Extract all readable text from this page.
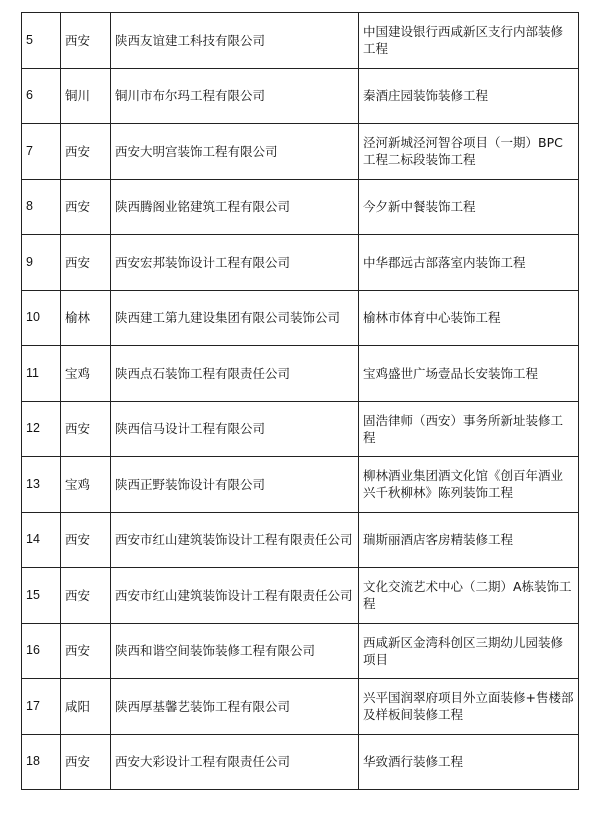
5	西安	陕西友谊建工科技有限公司	中国建设银行西咸新区支行内部装修工程
6	铜川	铜川市布尔玛工程有限公司	秦酒庄园装饰装修工程
7	西安	西安大明宫装饰工程有限公司	泾河新城泾河智谷项目（一期）BPC工程二标段装饰工程
8	西安	陕西腾阁业铭建筑工程有限公司	今夕新中餐装饰工程
9	西安	西安宏邦装饰设计工程有限公司	中华郡远古部落室内装饰工程
10	榆林	陕西建工第九建设集团有限公司装饰公司	榆林市体育中心装饰工程
11	宝鸡	陕西点石装饰工程有限责任公司	宝鸡盛世广场壹品长安装饰工程
12	西安	陕西信马设计工程有限公司	固浩律师（西安）事务所新址装修工程
13	宝鸡	陕西正野装饰设计有限公司	柳林酒业集团酒文化馆《创百年酒业兴千秋柳林》陈列装饰工程
14	西安	西安市红山建筑装饰设计工程有限责任公司	瑞斯丽酒店客房精装修工程
15	西安	西安市红山建筑装饰设计工程有限责任公司	文化交流艺术中心（二期）A栋装饰工程
16	西安	陕西和谐空间装饰装修工程有限公司	西咸新区金湾科创区三期幼儿园装修项目
17	咸阳	陕西厚基馨艺装饰工程有限公司	兴平国润翠府项目外立面装修+售楼部及样板间装修工程
18	西安	西安大彩设计工程有限责任公司	华致酒行装修工程
